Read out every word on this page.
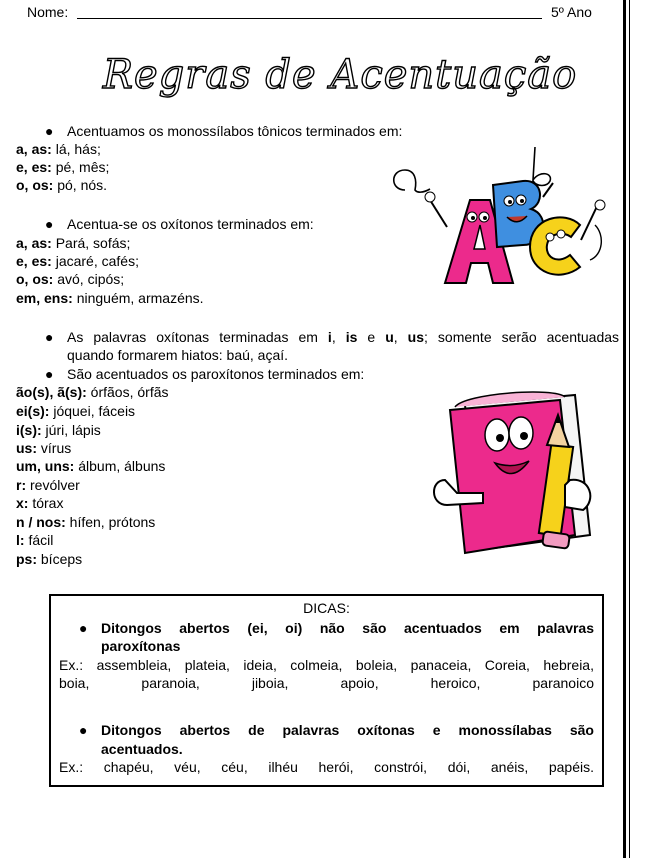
Nome:	5º Ano
Regras de Acentuação
● Acentuamos os monossílabos tônicos terminados em:
a, as: lá, hás;
e, es: pé, mês;
o, os: pó, nós.
● Acentua-se os oxítonos terminados em:
a, as: Pará, sofás;
e, es: jacaré, cafés;
o, os: avó, cipós;
em, ens: ninguém, armazéns.
● As palavras oxítonas terminadas em i, is e u, us; somente serão acentuadas
quando formarem hiatos: baú, açaí.
● São acentuados os paroxítonos terminados em:
ão(s), ã(s): órfãos, órfãs
ei(s): jóquei, fáceis
i(s): júri, lápis
us: vírus
um, uns: álbum, álbuns
r: revólver
x: tórax
n / nos: hífen, prótons
l: fácil
ps: bíceps
DICAS:
● Ditongos abertos (ei, oi) não são acentuados em palavras
paroxítonas
Ex.: assembleia, plateia, ideia, colmeia, boleia, panaceia, Coreia, hebreia,
boia, paranoia, jiboia, apoio, heroico, paranoico
● Ditongos abertos de palavras oxítonas e monossílabas são
acentuados.
Ex.: chapéu, véu, céu, ilhéu herói, constrói, dói, anéis, papéis.
